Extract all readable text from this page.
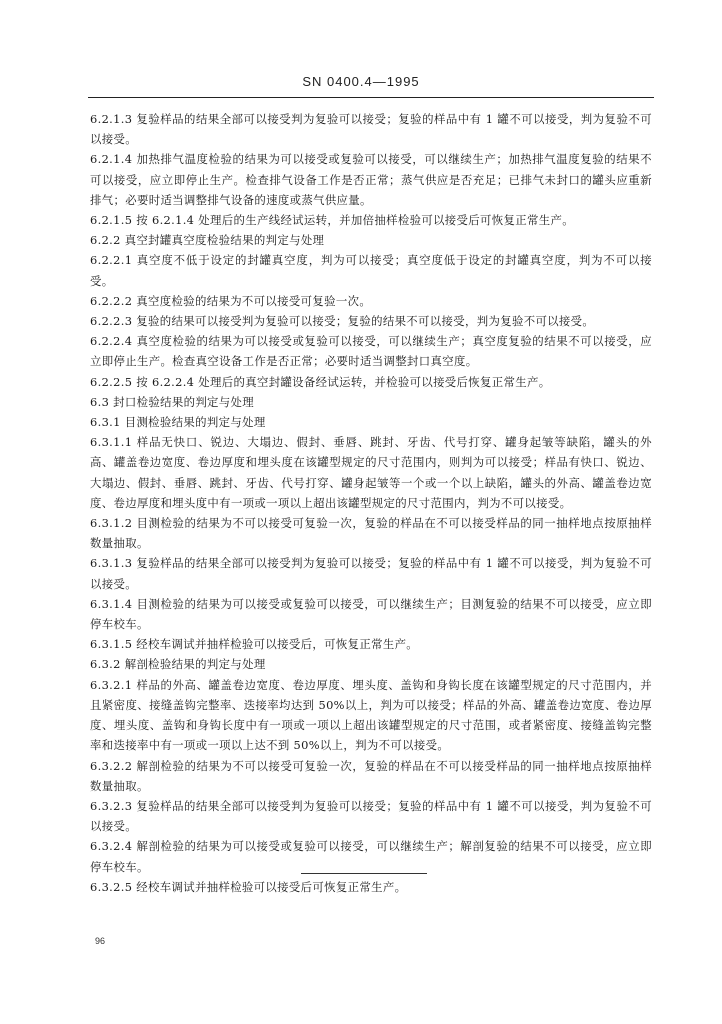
SN 0400.4—1995

6.2.1.3 复验样品的结果全部可以接受判为复验可以接受；复验的样品中有 1 罐不可以接受，判为复验不可以接受。

6.2.1.4 加热排气温度检验的结果为可以接受或复验可以接受，可以继续生产；加热排气温度复验的结果不可以接受，应立即停止生产。检查排气设备工作是否正常；蒸气供应是否充足；已排气未封口的罐头应重新排气；必要时适当调整排气设备的速度或蒸气供应量。

6.2.1.5 按 6.2.1.4 处理后的生产线经试运转，并加倍抽样检验可以接受后可恢复正常生产。

6.2.2 真空封罐真空度检验结果的判定与处理

6.2.2.1 真空度不低于设定的封罐真空度，判为可以接受；真空度低于设定的封罐真空度，判为不可以接受。

6.2.2.2 真空度检验的结果为不可以接受可复验一次。

6.2.2.3 复验的结果可以接受判为复验可以接受；复验的结果不可以接受，判为复验不可以接受。

6.2.2.4 真空度检验的结果为可以接受或复验可以接受，可以继续生产；真空度复验的结果不可以接受，应立即停止生产。检查真空设备工作是否正常；必要时适当调整封口真空度。

6.2.2.5 按 6.2.2.4 处理后的真空封罐设备经试运转，并检验可以接受后恢复正常生产。

6.3 封口检验结果的判定与处理

6.3.1 目测检验结果的判定与处理

6.3.1.1 样品无快口、锐边、大塌边、假封、垂唇、跳封、牙齿、代号打穿、罐身起皱等缺陷，罐头的外高、罐盖卷边宽度、卷边厚度和埋头度在该罐型规定的尺寸范围内，则判为可以接受；样品有快口、锐边、大塌边、假封、垂唇、跳封、牙齿、代号打穿、罐身起皱等一个或一个以上缺陷，罐头的外高、罐盖卷边宽度、卷边厚度和埋头度中有一项或一项以上超出该罐型规定的尺寸范围内，判为不可以接受。

6.3.1.2 目测检验的结果为不可以接受可复验一次，复验的样品在不可以接受样品的同一抽样地点按原抽样数量抽取。

6.3.1.3 复验样品的结果全部可以接受判为复验可以接受；复验的样品中有 1 罐不可以接受，判为复验不可以接受。

6.3.1.4 目测检验的结果为可以接受或复验可以接受，可以继续生产；目测复验的结果不可以接受，应立即停车校车。

6.3.1.5 经校车调试并抽样检验可以接受后，可恢复正常生产。

6.3.2 解剖检验结果的判定与处理

6.3.2.1 样品的外高、罐盖卷边宽度、卷边厚度、埋头度、盖钩和身钩长度在该罐型规定的尺寸范围内，并且紧密度、接缝盖钩完整率、迭接率均达到 50%以上，判为可以接受；样品的外高、罐盖卷边宽度、卷边厚度、埋头度、盖钩和身钩长度中有一项或一项以上超出该罐型规定的尺寸范围，或者紧密度、接缝盖钩完整率和迭接率中有一项或一项以上达不到 50%以上，判为不可以接受。

6.3.2.2 解剖检验的结果为不可以接受可复验一次，复验的样品在不可以接受样品的同一抽样地点按原抽样数量抽取。

6.3.2.3 复验样品的结果全部可以接受判为复验可以接受；复验的样品中有 1 罐不可以接受，判为复验不可以接受。

6.3.2.4 解剖检验的结果为可以接受或复验可以接受，可以继续生产；解剖复验的结果不可以接受，应立即停车校车。

6.3.2.5 经校车调试并抽样检验可以接受后可恢复正常生产。

96
